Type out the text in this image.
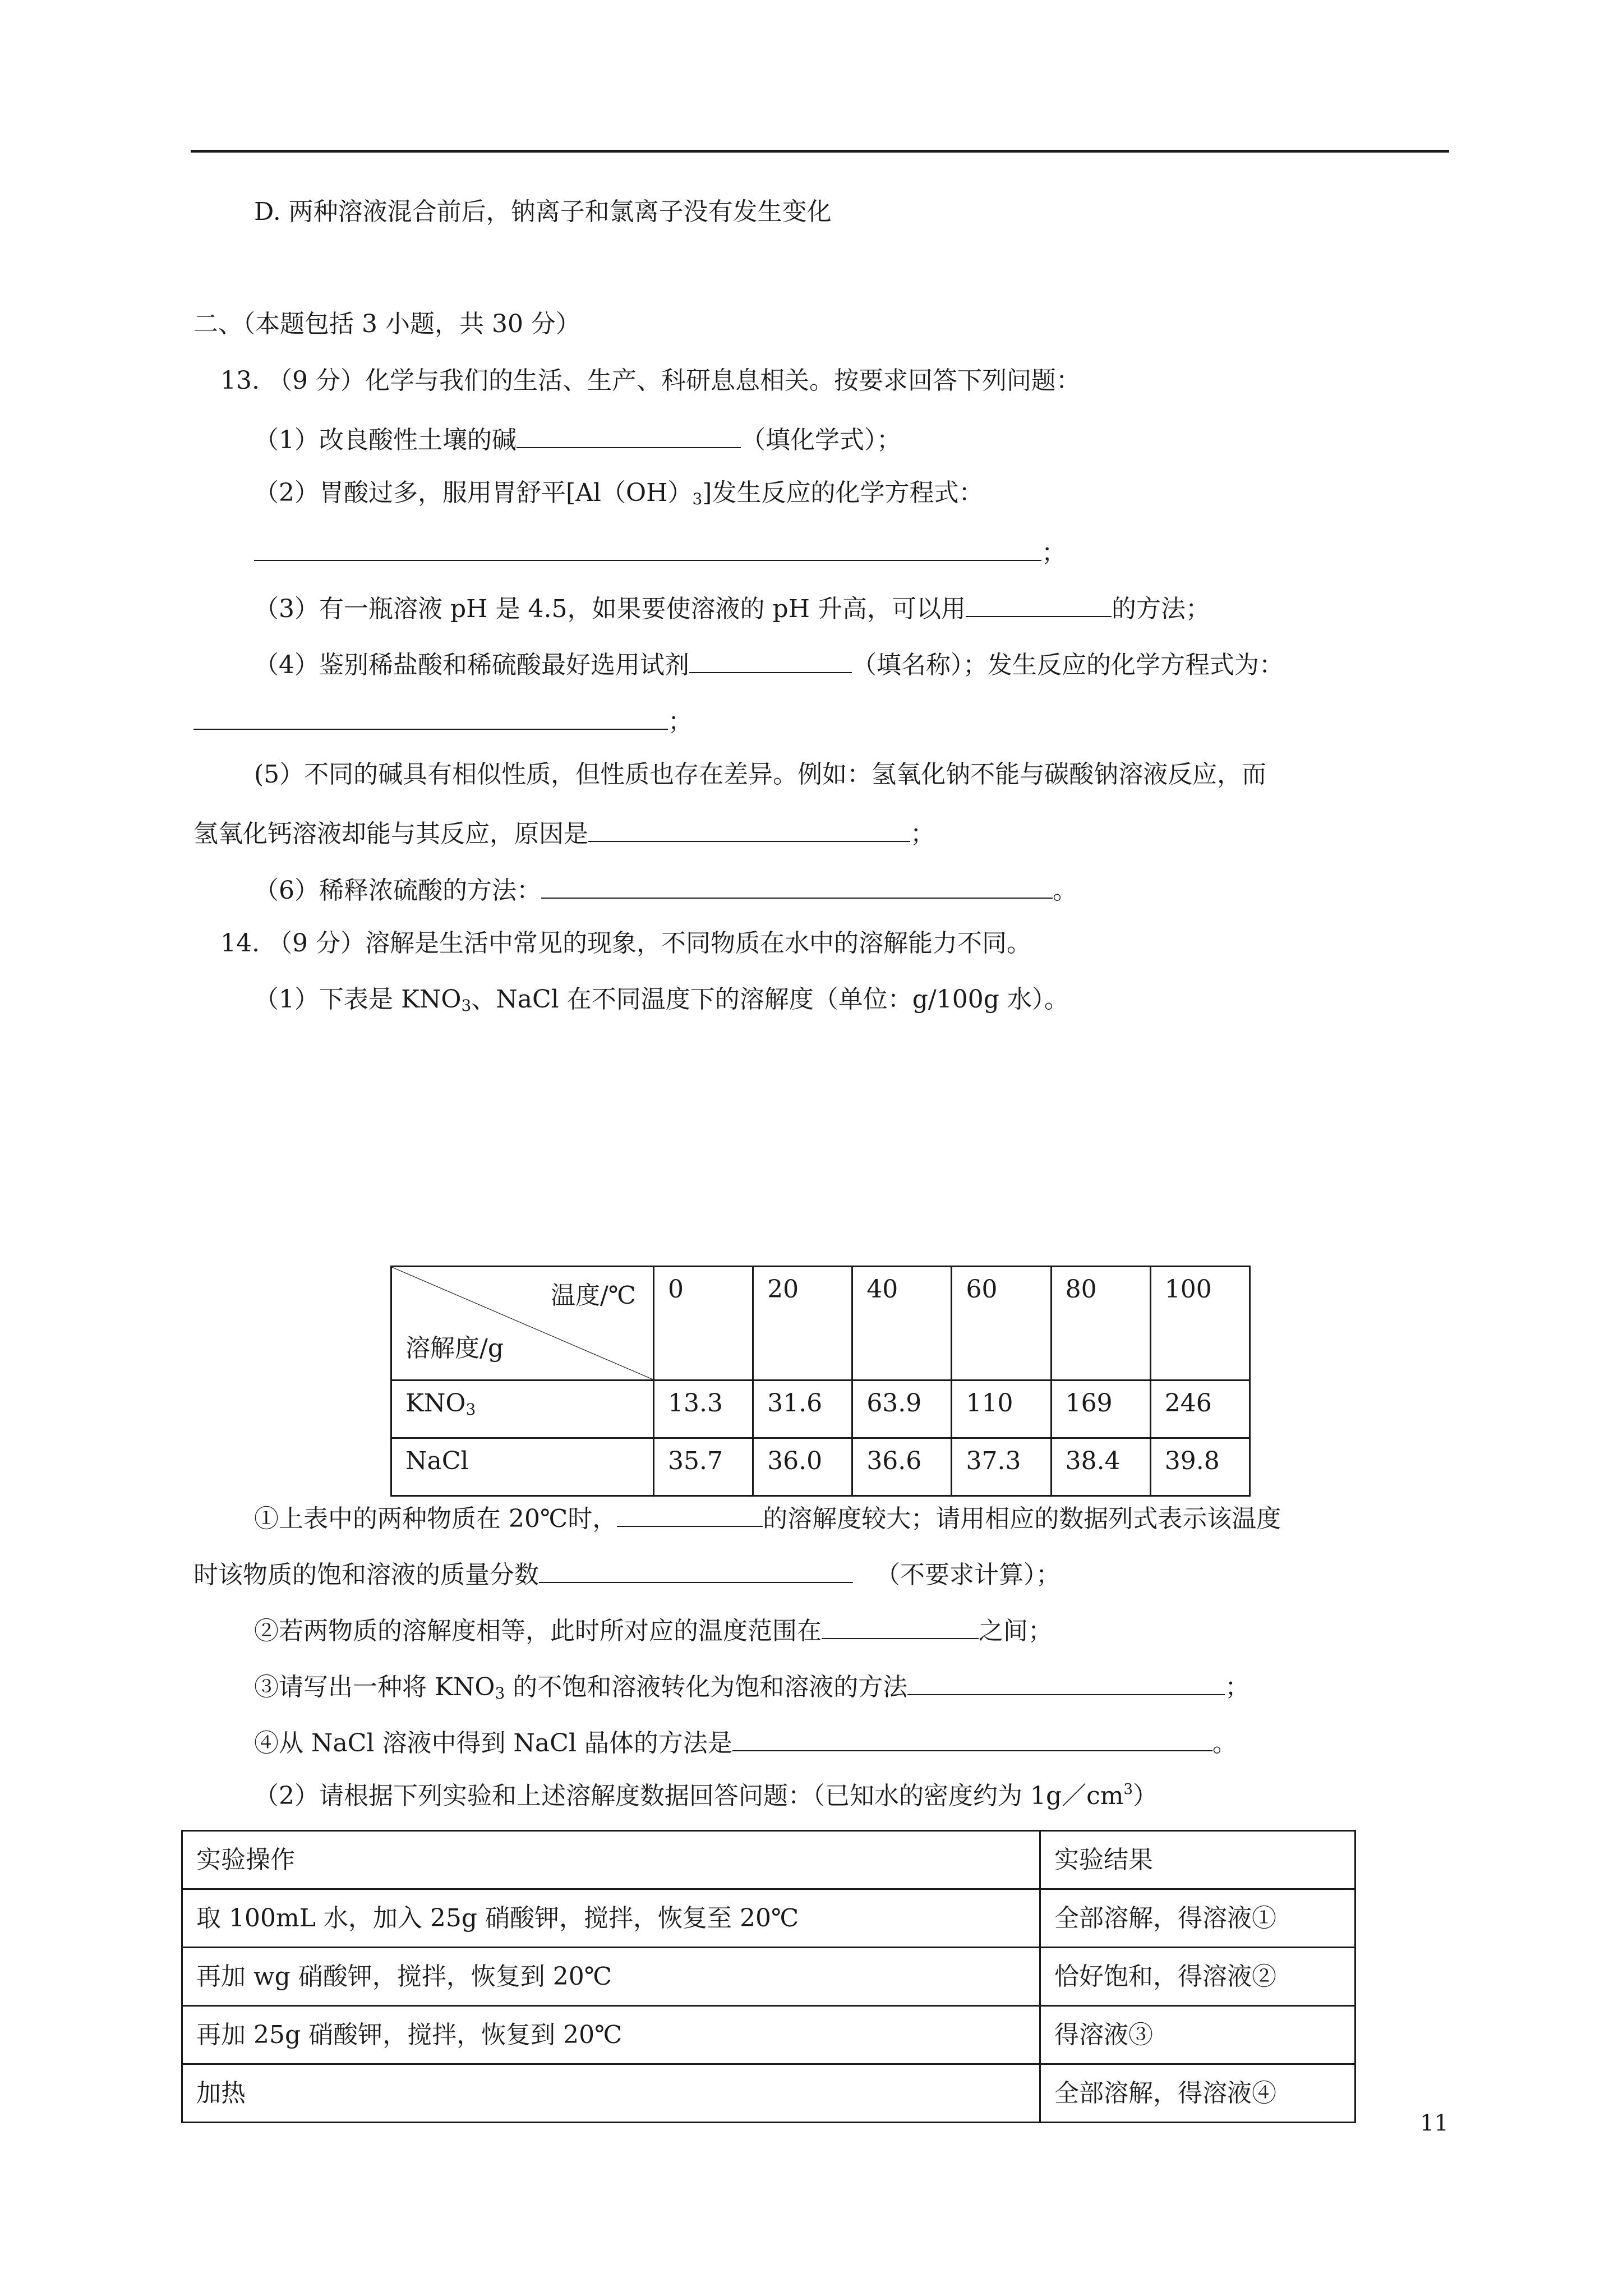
D. 两种溶液混合前后，钠离子和氯离子没有发生变化
二、（本题包括 3 小题，共 30 分）
13. （9 分）化学与我们的生活、生产、科研息息相关。按要求回答下列问题：
（1）改良酸性土壤的碱	（填化学式）；
（2）胃酸过多，服用胃舒平$[Al(OH)_3]$发生反应的化学方程式：
；
（3）有一瓶溶液 pH 是 4.5，如果要使溶液的 pH 升高，可以用	的方法；
（4）鉴别稀盐酸和稀硫酸最好选用试剂	（填名称）；发生反应的化学方程式为：
；
(5）不同的碱具有相似性质，但性质也存在差异。例如：氢氧化钠不能与碳酸钠溶液反应，而
氢氧化钙溶液却能与其反应，原因是	；
（6）稀释浓硫酸的方法：	。
14. （9 分）溶解是生活中常见的现象，不同物质在水中的溶解能力不同。
（1）下表是 $KNO_3$、NaCl 在不同温度下的溶解度（单位：g/100g 水）。
温度/℃
溶解度/g	0	20	40	60	80	100
$KNO_3$	13.3	31.6	63.9	110	169	246
NaCl	35.7	36.0	36.6	37.3	38.4	39.8
①上表中的两种物质在 20℃时，	的溶解度较大；请用相应的数据列式表示该温度
时该物质的饱和溶液的质量分数	（不要求计算）；
②若两物质的溶解度相等，此时所对应的温度范围在	之间；
③请写出一种将 $KNO_3$ 的不饱和溶液转化为饱和溶液的方法	；
④从 NaCl 溶液中得到 NaCl 晶体的方法是	。
（2）请根据下列实验和上述溶解度数据回答问题：（已知水的密度约为 $1g/cm^3$）
实验操作	实验结果
取 100mL 水，加入 25g 硝酸钾，搅拌，恢复至 20℃	全部溶解，得溶液①
再加 wg 硝酸钾，搅拌，恢复到 20℃	恰好饱和，得溶液②
再加 25g 硝酸钾，搅拌，恢复到 20℃	得溶液③
加热	全部溶解，得溶液④
11
